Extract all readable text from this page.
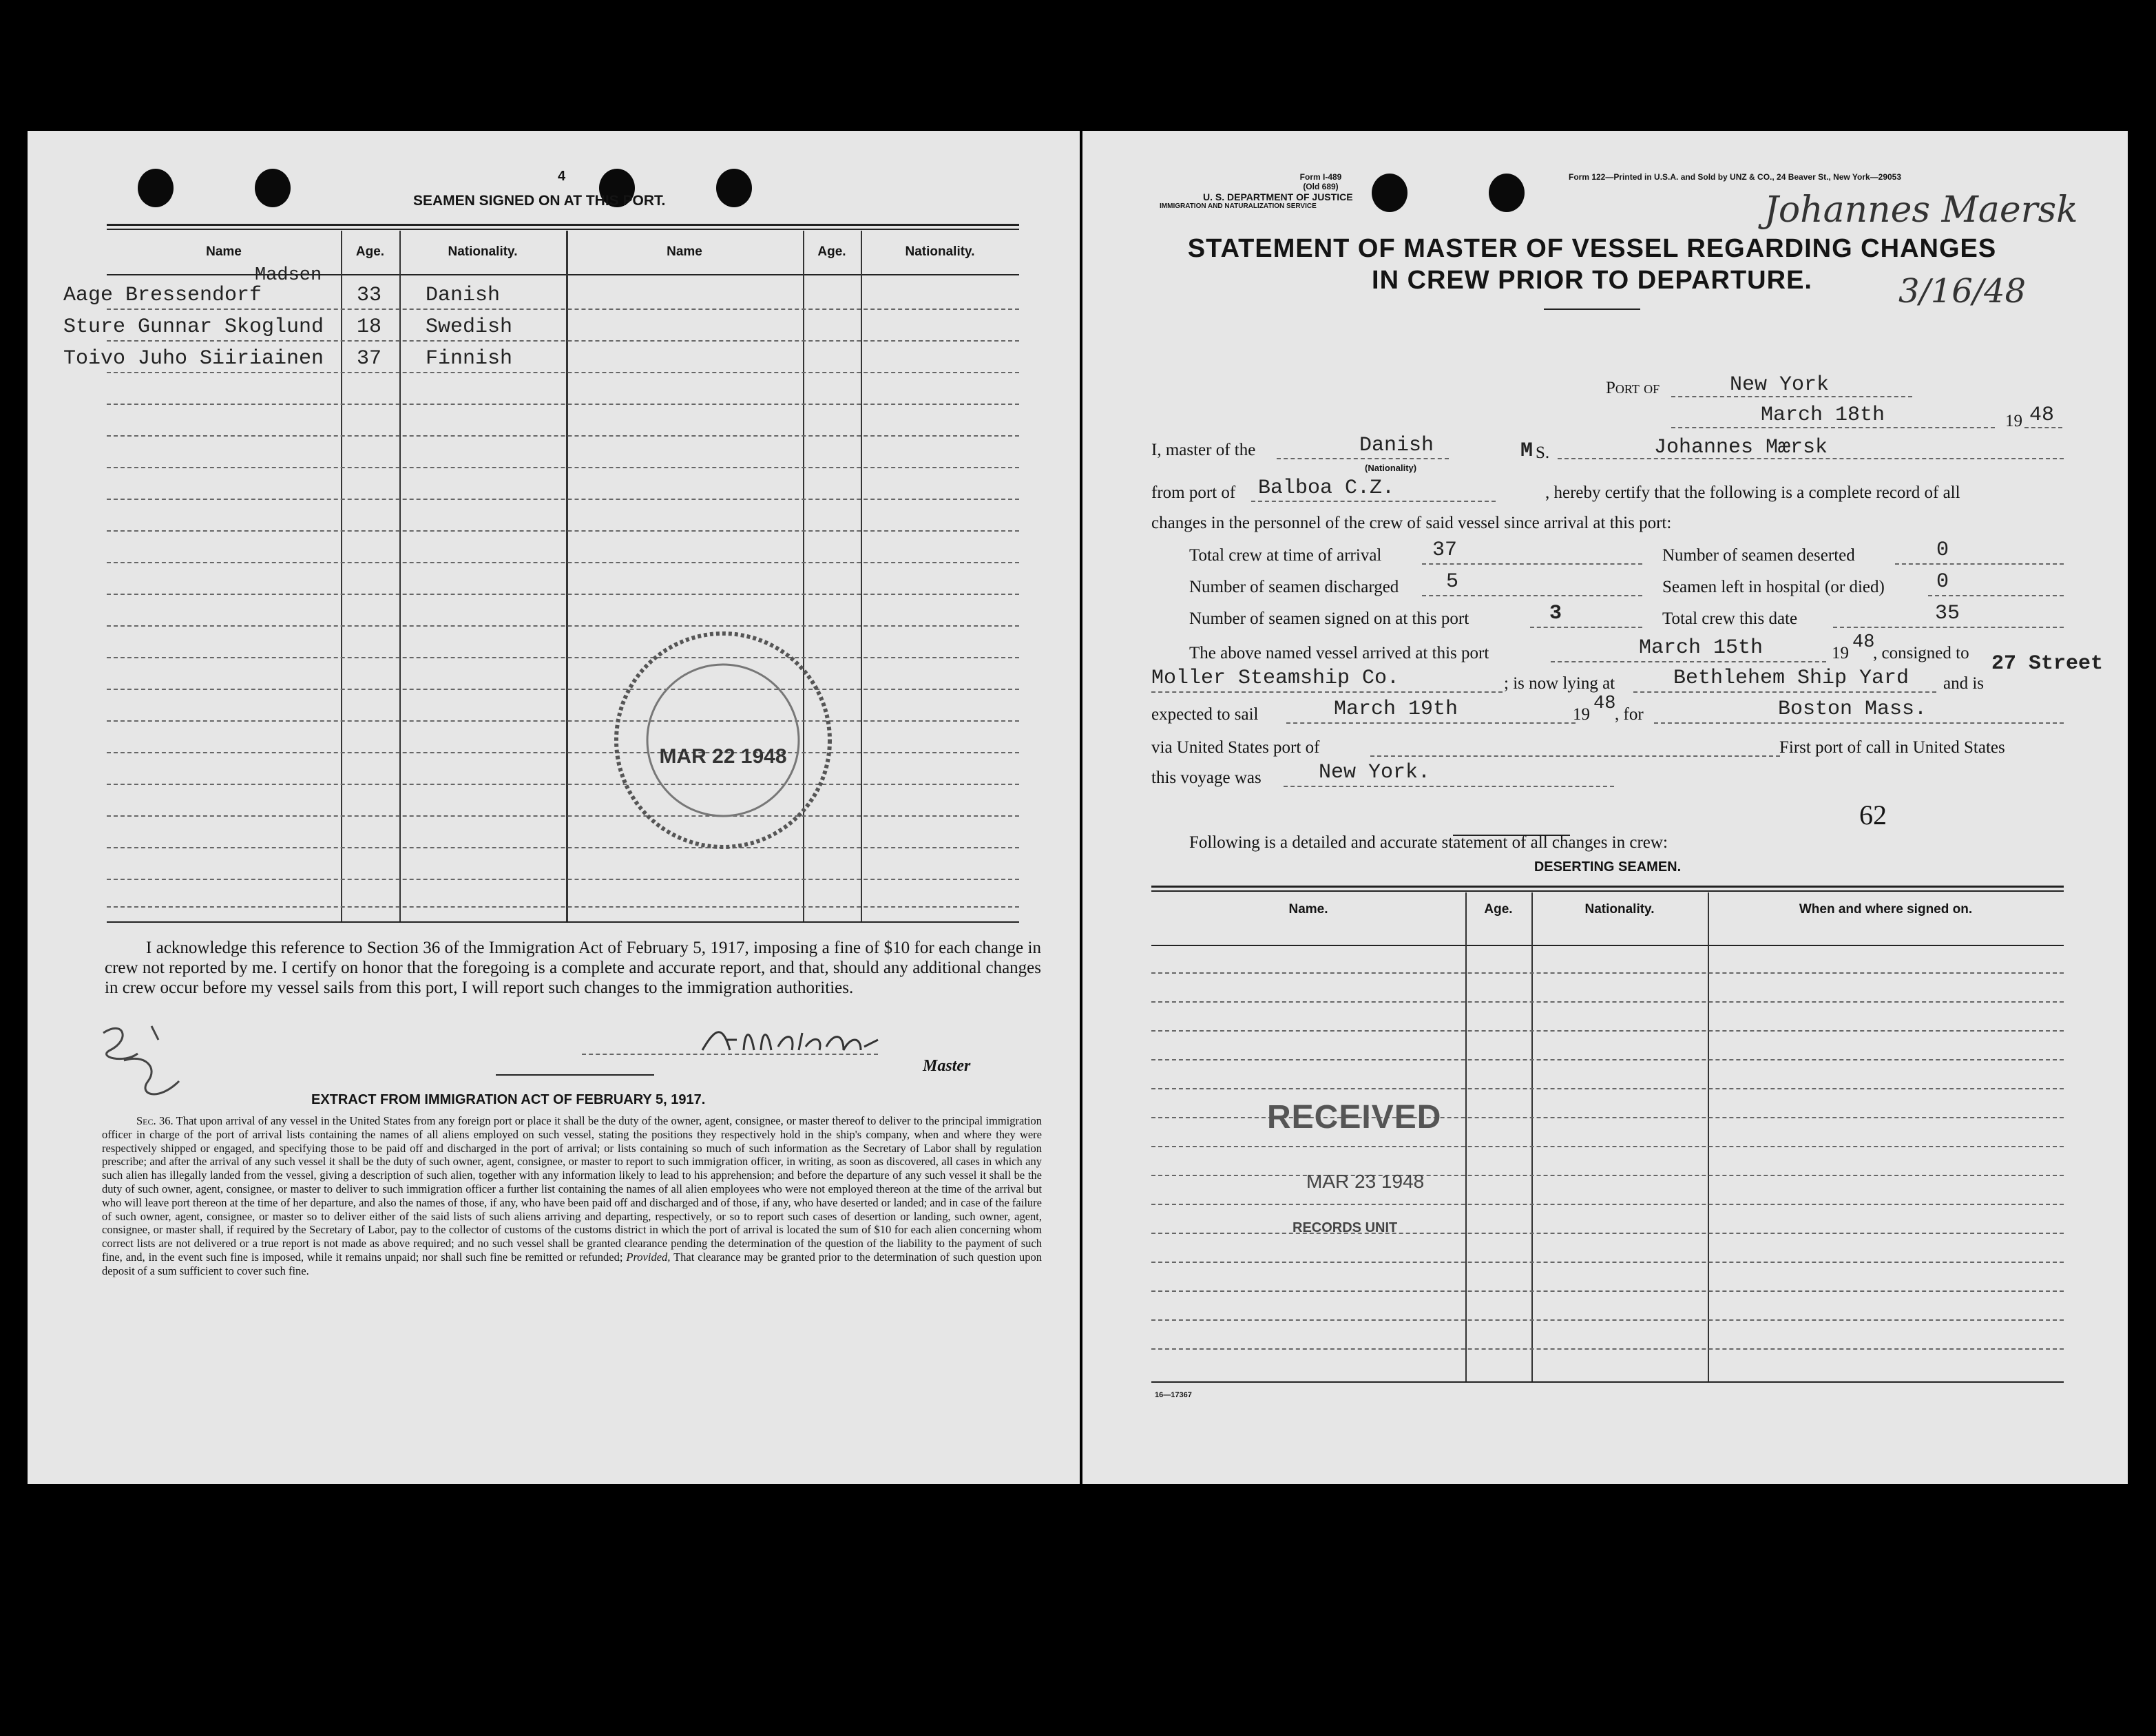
4
SEAMEN SIGNED ON AT THIS PORT.
Name	Age.	Nationality.	Name	Age.	Nationality.
Madsen
Aage Bressendorf	33 Danish
Sture Gunnar Skoglund 18 Swedish
Toivo Juho Siiriainen 37 Finnish
MAR 22 1948
I acknowledge this reference to Section 36 of the Immigration Act of February 5, 1917, imposing a fine of $10 for each change in crew not reported by me. I certify on honor that the foregoing is a complete and accurate report, and that, should any additional changes in crew occur before my vessel sails from this port, I will report such changes to the immigration authorities.
Master
EXTRACT FROM IMMIGRATION ACT OF FEBRUARY 5, 1917.
Sec. 36. That upon arrival of any vessel in the United States from any foreign port or place it shall be the duty of the owner, agent, consignee, or master thereof to deliver to the principal immigration officer in charge of the port of arrival lists containing the names of all aliens employed on such vessel, stating the positions they respectively hold in the ship's company, when and where they were respectively shipped or engaged, and specifying those to be paid off and discharged in the port of arrival; or lists containing so much of such information as the Secretary of Labor shall by regulation prescribe; and after the arrival of any such vessel it shall be the duty of such owner, agent, consignee, or master to report to such immigration officer, in writing, as soon as discovered, all cases in which any such alien has illegally landed from the vessel, giving a description of such alien, together with any information likely to lead to his apprehension; and before the departure of any such vessel it shall be the duty of such owner, agent, consignee, or master to deliver to such immigration officer a further list containing the names of all alien employees who were not employed thereon at the time of the arrival but who will leave port thereon at the time of her departure, and also the names of those, if any, who have been paid off and discharged and of those, if any, who have deserted or landed; and in case of the failure of such owner, agent, consignee, or master so to deliver either of the said lists of such aliens arriving and departing, respectively, or so to report such cases of desertion or landing, such owner, agent, consignee, or master shall, if required by the Secretary of Labor, pay to the collector of customs of the customs district in which the port of arrival is located the sum of $10 for each alien concerning whom correct lists are not delivered or a true report is not made as above required; and no such vessel shall be granted clearance pending the determination of the question of the liability to the payment of such fine, and, in the event such fine is imposed, while it remains unpaid; nor shall such fine be remitted or refunded; Provided, That clearance may be granted prior to the determination of such question upon deposit of a sum sufficient to cover such fine.
Form I-489
(Old 689)
U. S. DEPARTMENT OF JUSTICE
IMMIGRATION AND NATURALIZATION SERVICE
Form 122—Printed in U.S.A. and Sold by UNZ & CO., 24 Beaver St., New York—29053
Johannes Maersk
3/16/48
STATEMENT OF MASTER OF VESSEL REGARDING CHANGES
IN CREW PRIOR TO DEPARTURE.
Port of	New York
March 18th	19 48
I, master of the	Danish
(Nationality)
M S.	Johannes Mærsk
from port of Balboa C.Z.	, hereby certify that the following is a complete record of all
changes in the personnel of the crew of said vessel since arrival at this port:
Total crew at time of arrival 37	Number of seamen deserted	0
Number of seamen discharged 5	Seamen left in hospital (or died)	0
Number of seamen signed on at this port	3	Total crew this date	35
The above named vessel arrived at this port	March 15th	19
48
, consigned to
Moller Steamship Co.	; is now lying at	Bethlehem Ship Yard
27 Street
and is
expected to sail	March 19th	19
48
, for	Boston Mass.
via United States port of	First port of call in United States
this voyage was	New York.
62
Following is a detailed and accurate statement of all changes in crew:
DESERTING SEAMEN.
Name.	Age.	Nationality.	When and where signed on.
RECEIVED
MAR 23 1948
RECORDS UNIT
16—17367
